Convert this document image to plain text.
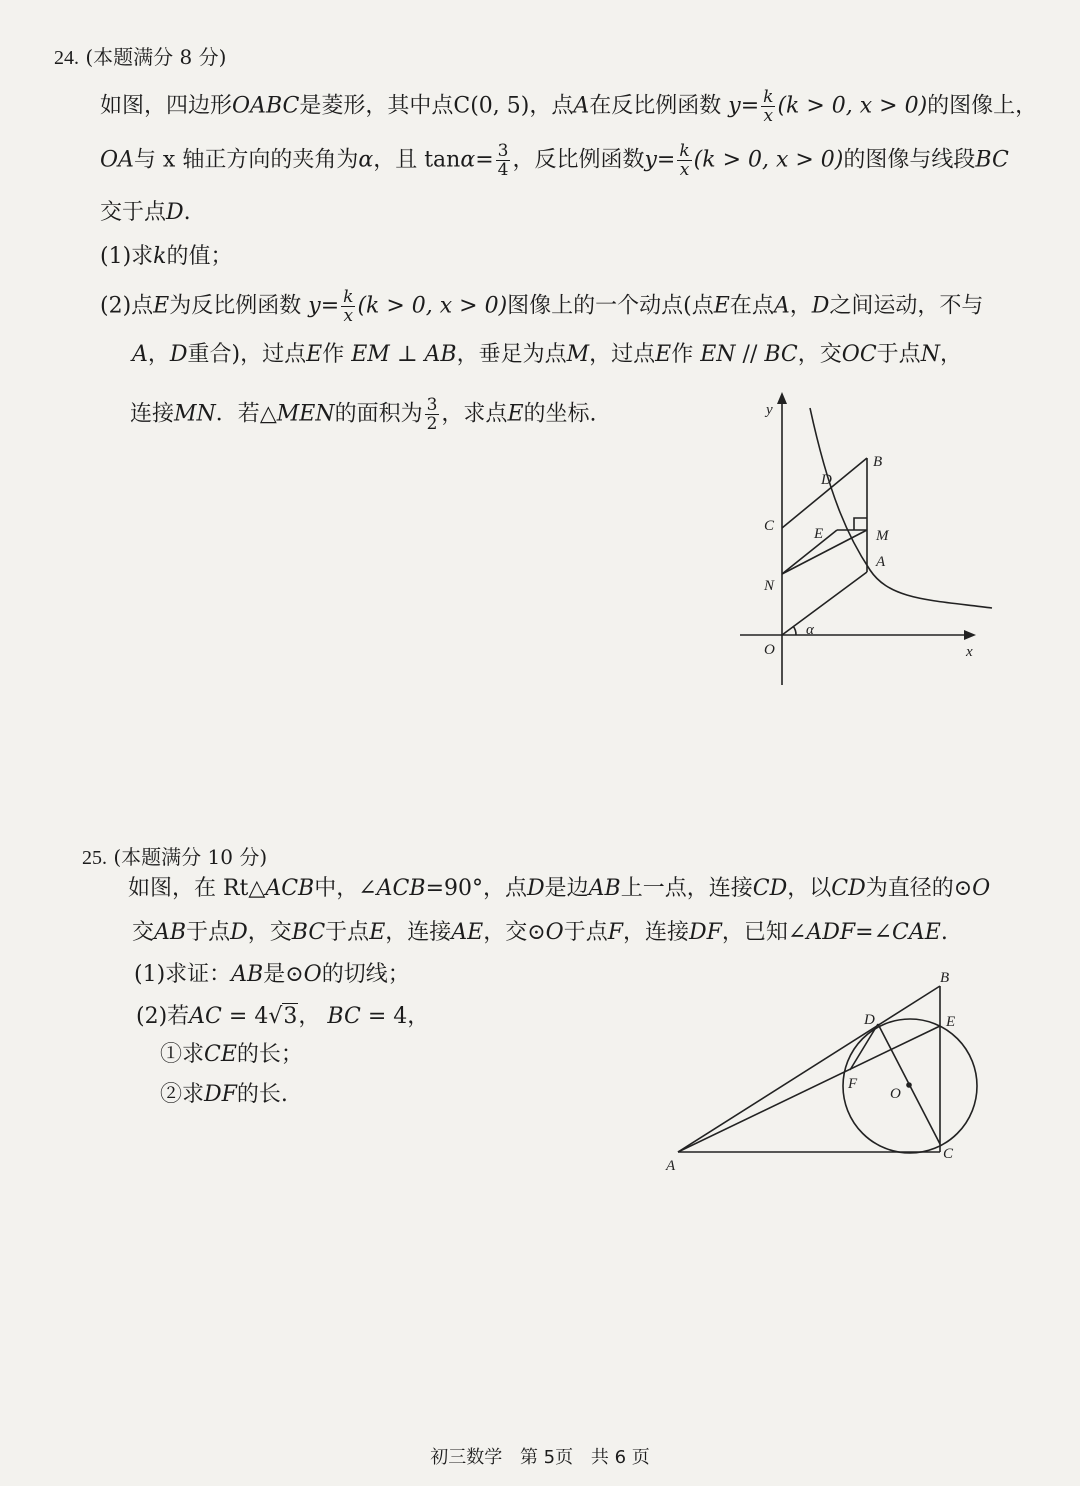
24. (本题满分 8 分)
如图，四边形OABC是菱形，其中点C(0, 5)，点A在反比例函数 $y= \frac{k}{x} (k > 0$, x > 0)的图像上，
OA与 x 轴正方向的夹角为α，且 $\tan\alpha= \frac{3}{4}$ ，反比例函数$y= \frac{k}{x} (k > 0$, x > 0)的图像与线段BC
交于点D.
(1)求k的值；
(2)点E为反比例函数 $y= \frac{k}{x} (k > 0$, x > 0)图像上的一个动点(点E在点A，D之间运动，不与
A，D重合)，过点E作 EM ⊥ AB，垂足为点M，过点E作 EN // BC，交OC于点N，
连接MN．若△MEN的面积为 $\frac{3}{2}$ ，求点E的坐标.	y
x
O
A
B
C
D
E	M
N
α
25. (本题满分 10 分)
如图，在 Rt△ACB中，∠ACB=90°，点D是边AB上一点，连接CD，以CD为直径的⊙O
交AB于点D，交BC于点E，连接AE，交⊙O于点F，连接DF，已知∠ADF=∠CAE.
(1)求证：AB是⊙O的切线；
(2)若AC = 4√3， BC = 4，
①求CE的长；
②求DF的长.
A
B
C
D	E
F
O
初三数学 第 5页 共 6 页
